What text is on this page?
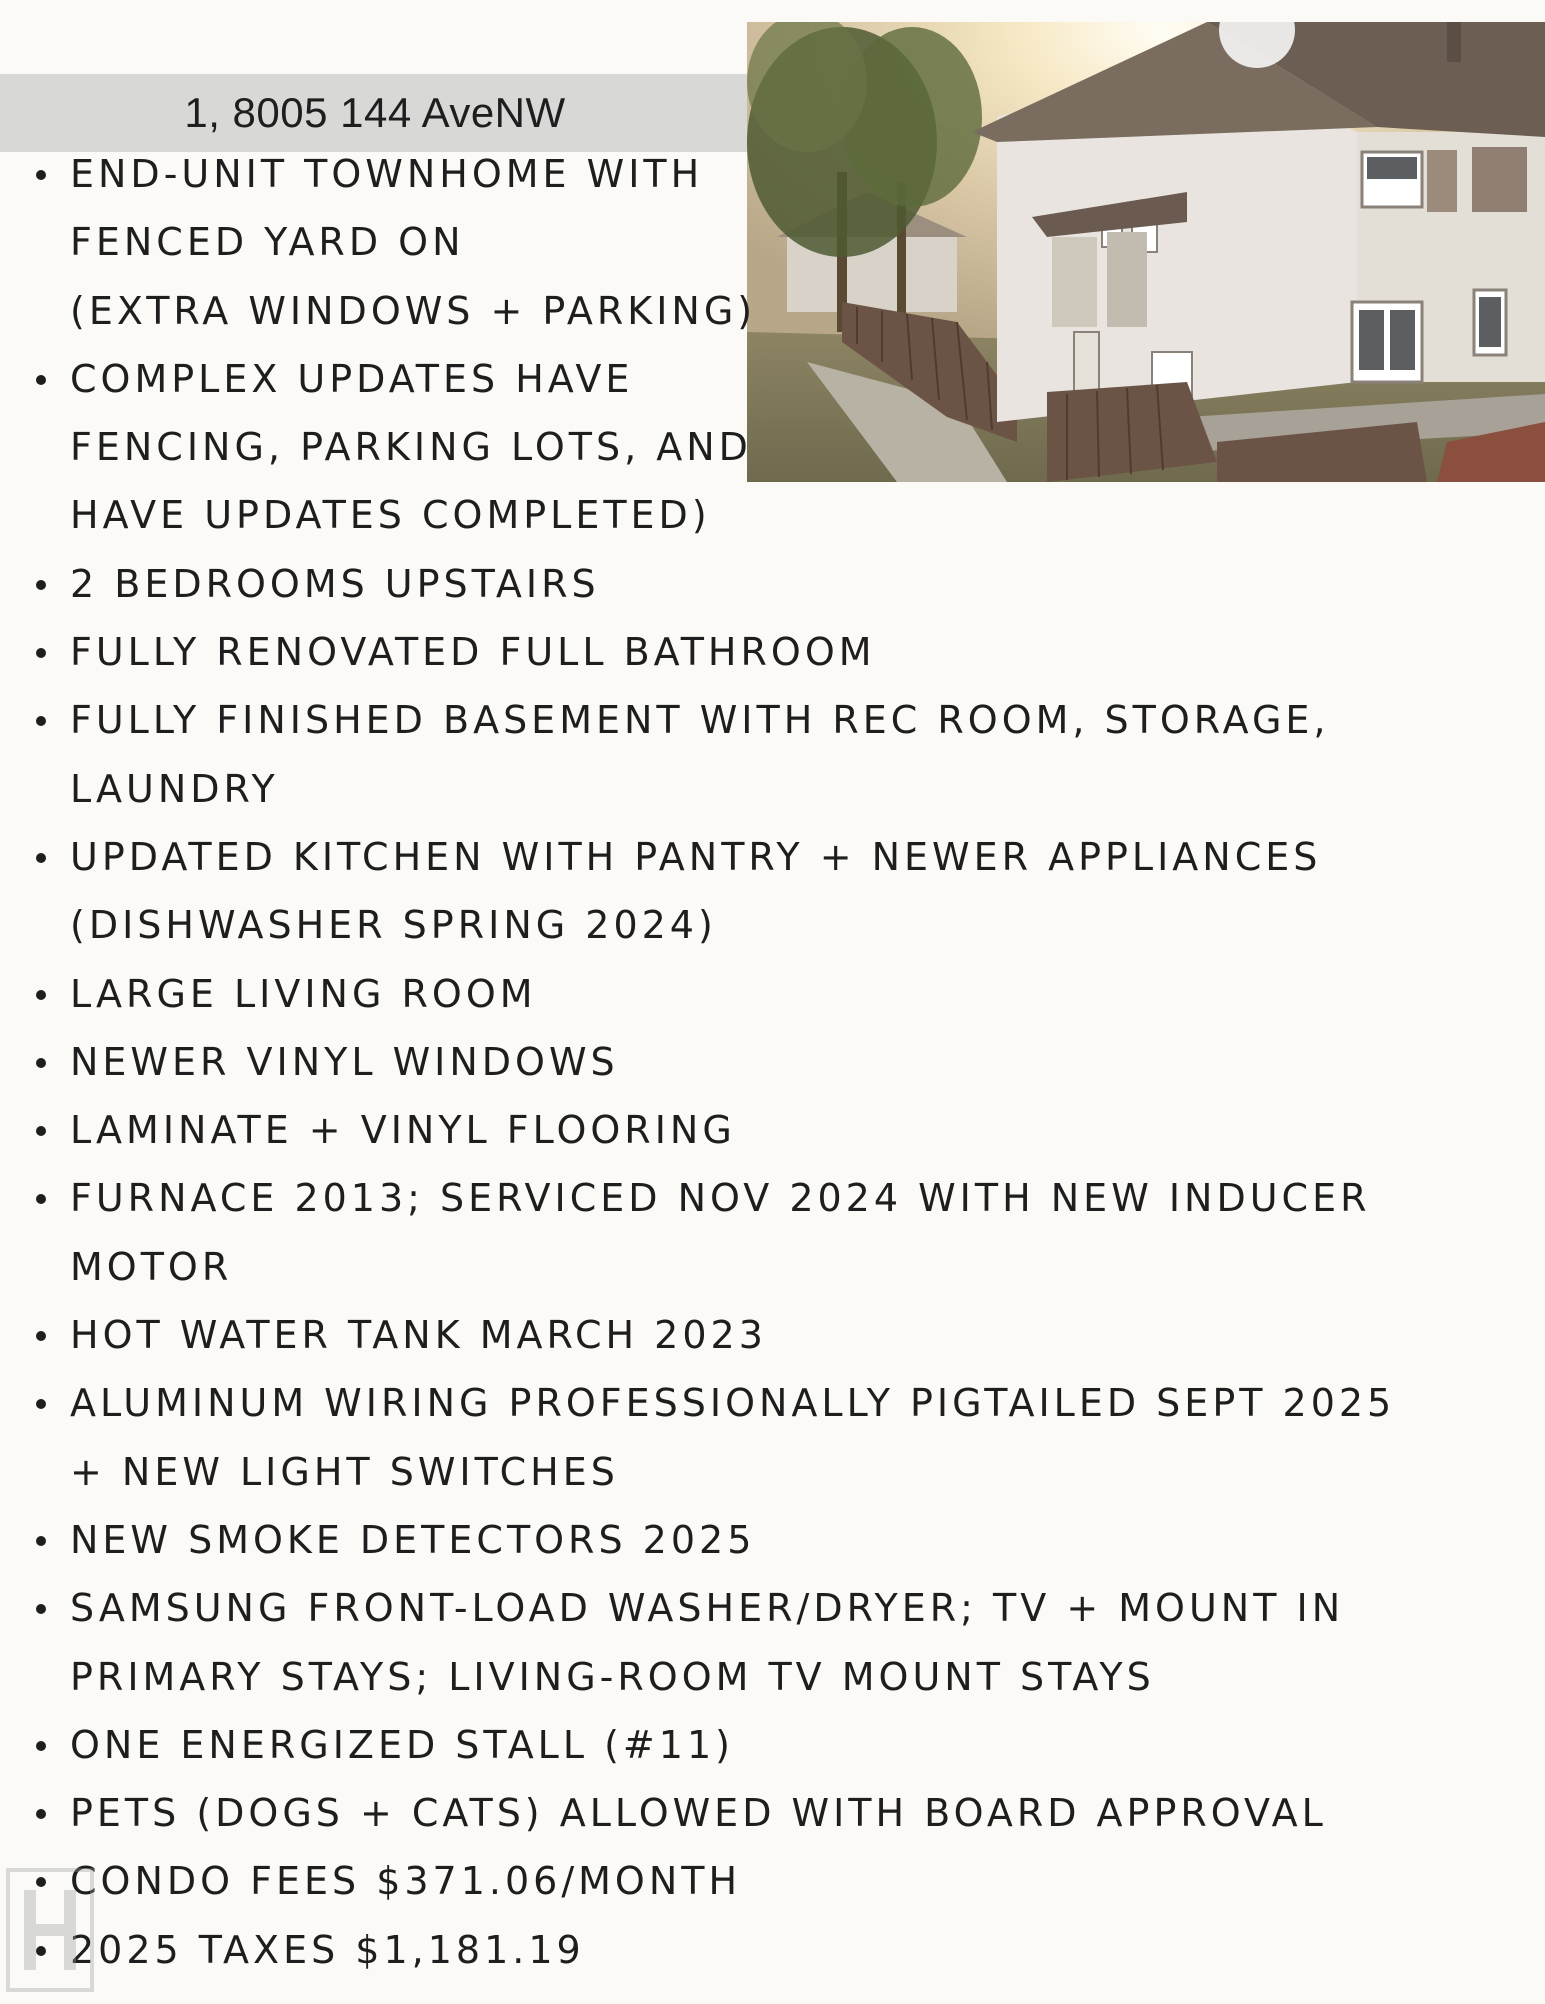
1, 8005 144 AveNW
END-UNIT TOWNHOME WITH
FENCED YARD ON
(EXTRA WINDOWS + PARKING)
COMPLEX UPDATES HAVE
FENCING, PARKING LOTS, AND
HAVE UPDATES COMPLETED)
2 BEDROOMS UPSTAIRS
FULLY RENOVATED FULL BATHROOM
FULLY FINISHED BASEMENT WITH REC ROOM, STORAGE,
LAUNDRY
UPDATED KITCHEN WITH PANTRY + NEWER APPLIANCES
(DISHWASHER SPRING 2024)
LARGE LIVING ROOM
NEWER VINYL WINDOWS
LAMINATE + VINYL FLOORING
FURNACE 2013; SERVICED NOV 2024 WITH NEW INDUCER
MOTOR
HOT WATER TANK MARCH 2023
ALUMINUM WIRING PROFESSIONALLY PIGTAILED SEPT 2025
+ NEW LIGHT SWITCHES
NEW SMOKE DETECTORS 2025
SAMSUNG FRONT-LOAD WASHER/DRYER; TV + MOUNT IN
PRIMARY STAYS; LIVING-ROOM TV MOUNT STAYS
ONE ENERGIZED STALL (#11)
PETS (DOGS + CATS) ALLOWED WITH BOARD APPROVAL
CONDO FEES $371.06/MONTH
2025 TAXES $1,181.19
